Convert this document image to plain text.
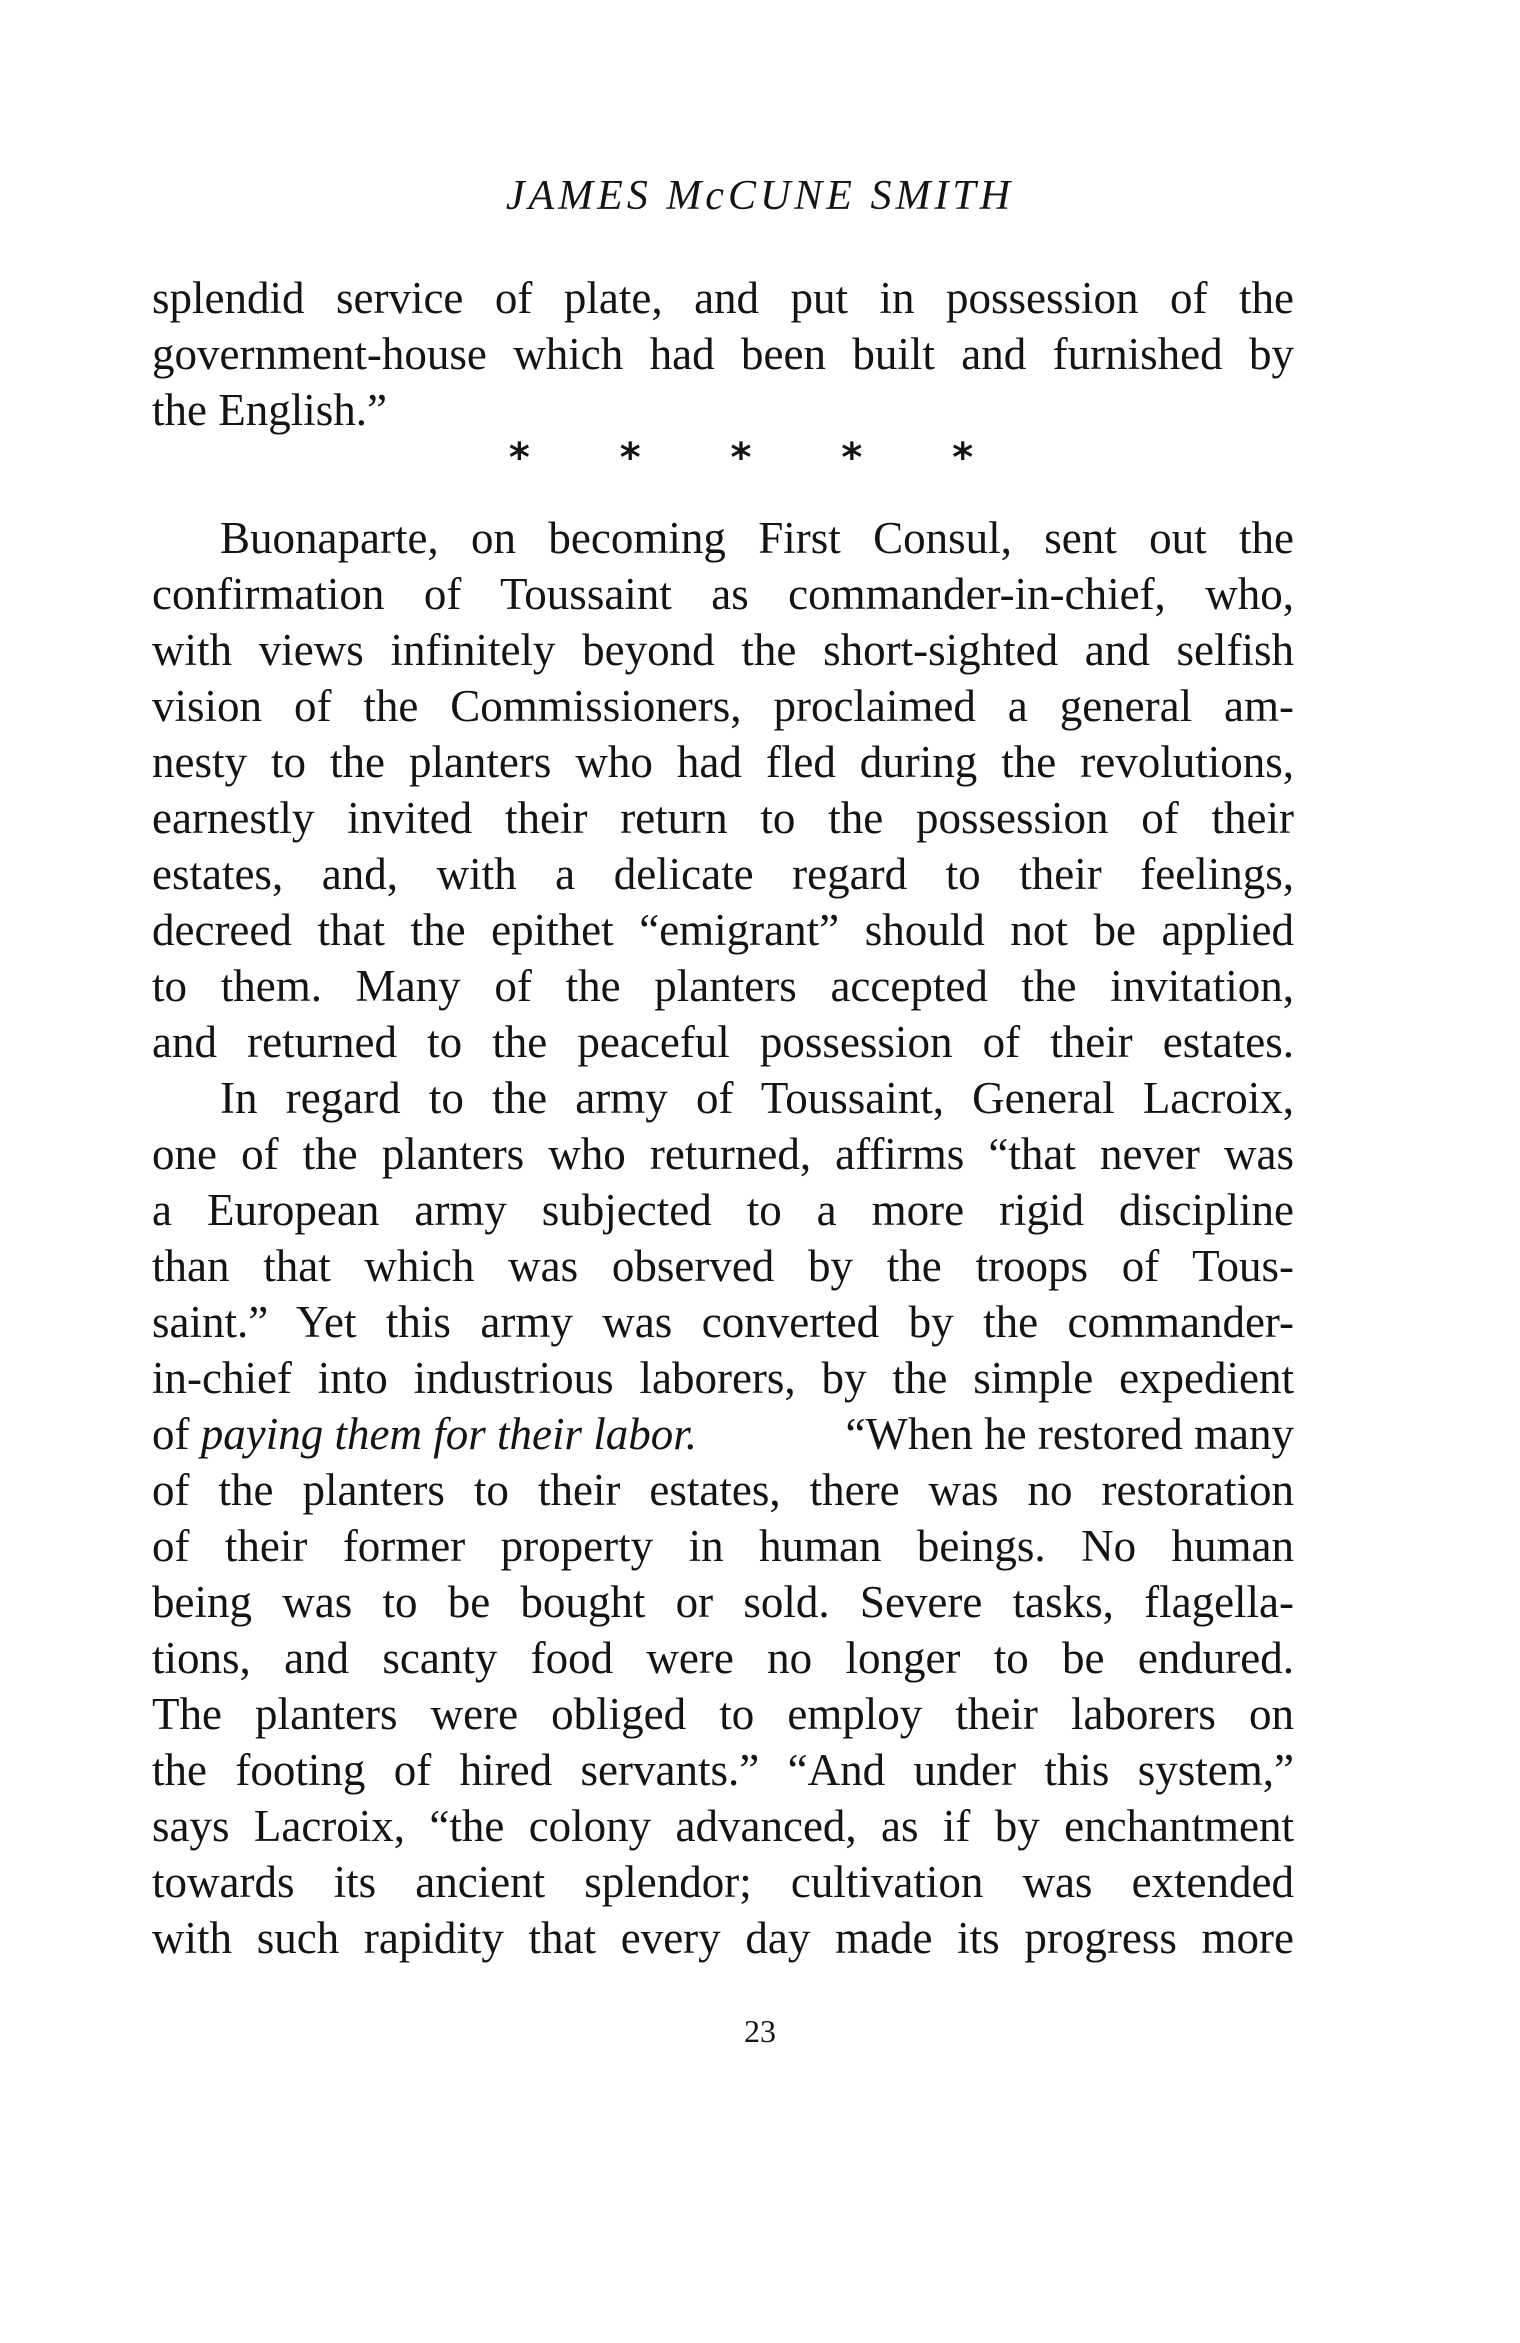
JAMES McCUNE SMITH
splendid service of plate, and put in possession of the
government-house which had been built and furnished by
the English.”
* * * * *
Buonaparte, on becoming First Consul, sent out the
confirmation of Toussaint as commander-in-chief, who,
with views infinitely beyond the short-sighted and selfish
vision of the Commissioners, proclaimed a general am-
nesty to the planters who had fled during the revolutions,
earnestly invited their return to the possession of their
estates, and, with a delicate regard to their feelings,
decreed that the epithet “emigrant” should not be applied
to them. Many of the planters accepted the invitation,
and returned to the peaceful possession of their estates.
In regard to the army of Toussaint, General Lacroix,
one of the planters who returned, affirms “that never was
a European army subjected to a more rigid discipline
than that which was observed by the troops of Tous-
saint.” Yet this army was converted by the commander-
in-chief into industrious laborers, by the simple expedient
of paying them for their labor.	“When he restored many
of the planters to their estates, there was no restoration
of their former property in human beings. No human
being was to be bought or sold. Severe tasks, flagella-
tions, and scanty food were no longer to be endured.
The planters were obliged to employ their laborers on
the footing of hired servants.” “And under this system,”
says Lacroix, “the colony advanced, as if by enchantment
towards its ancient splendor; cultivation was extended
with such rapidity that every day made its progress more
23
